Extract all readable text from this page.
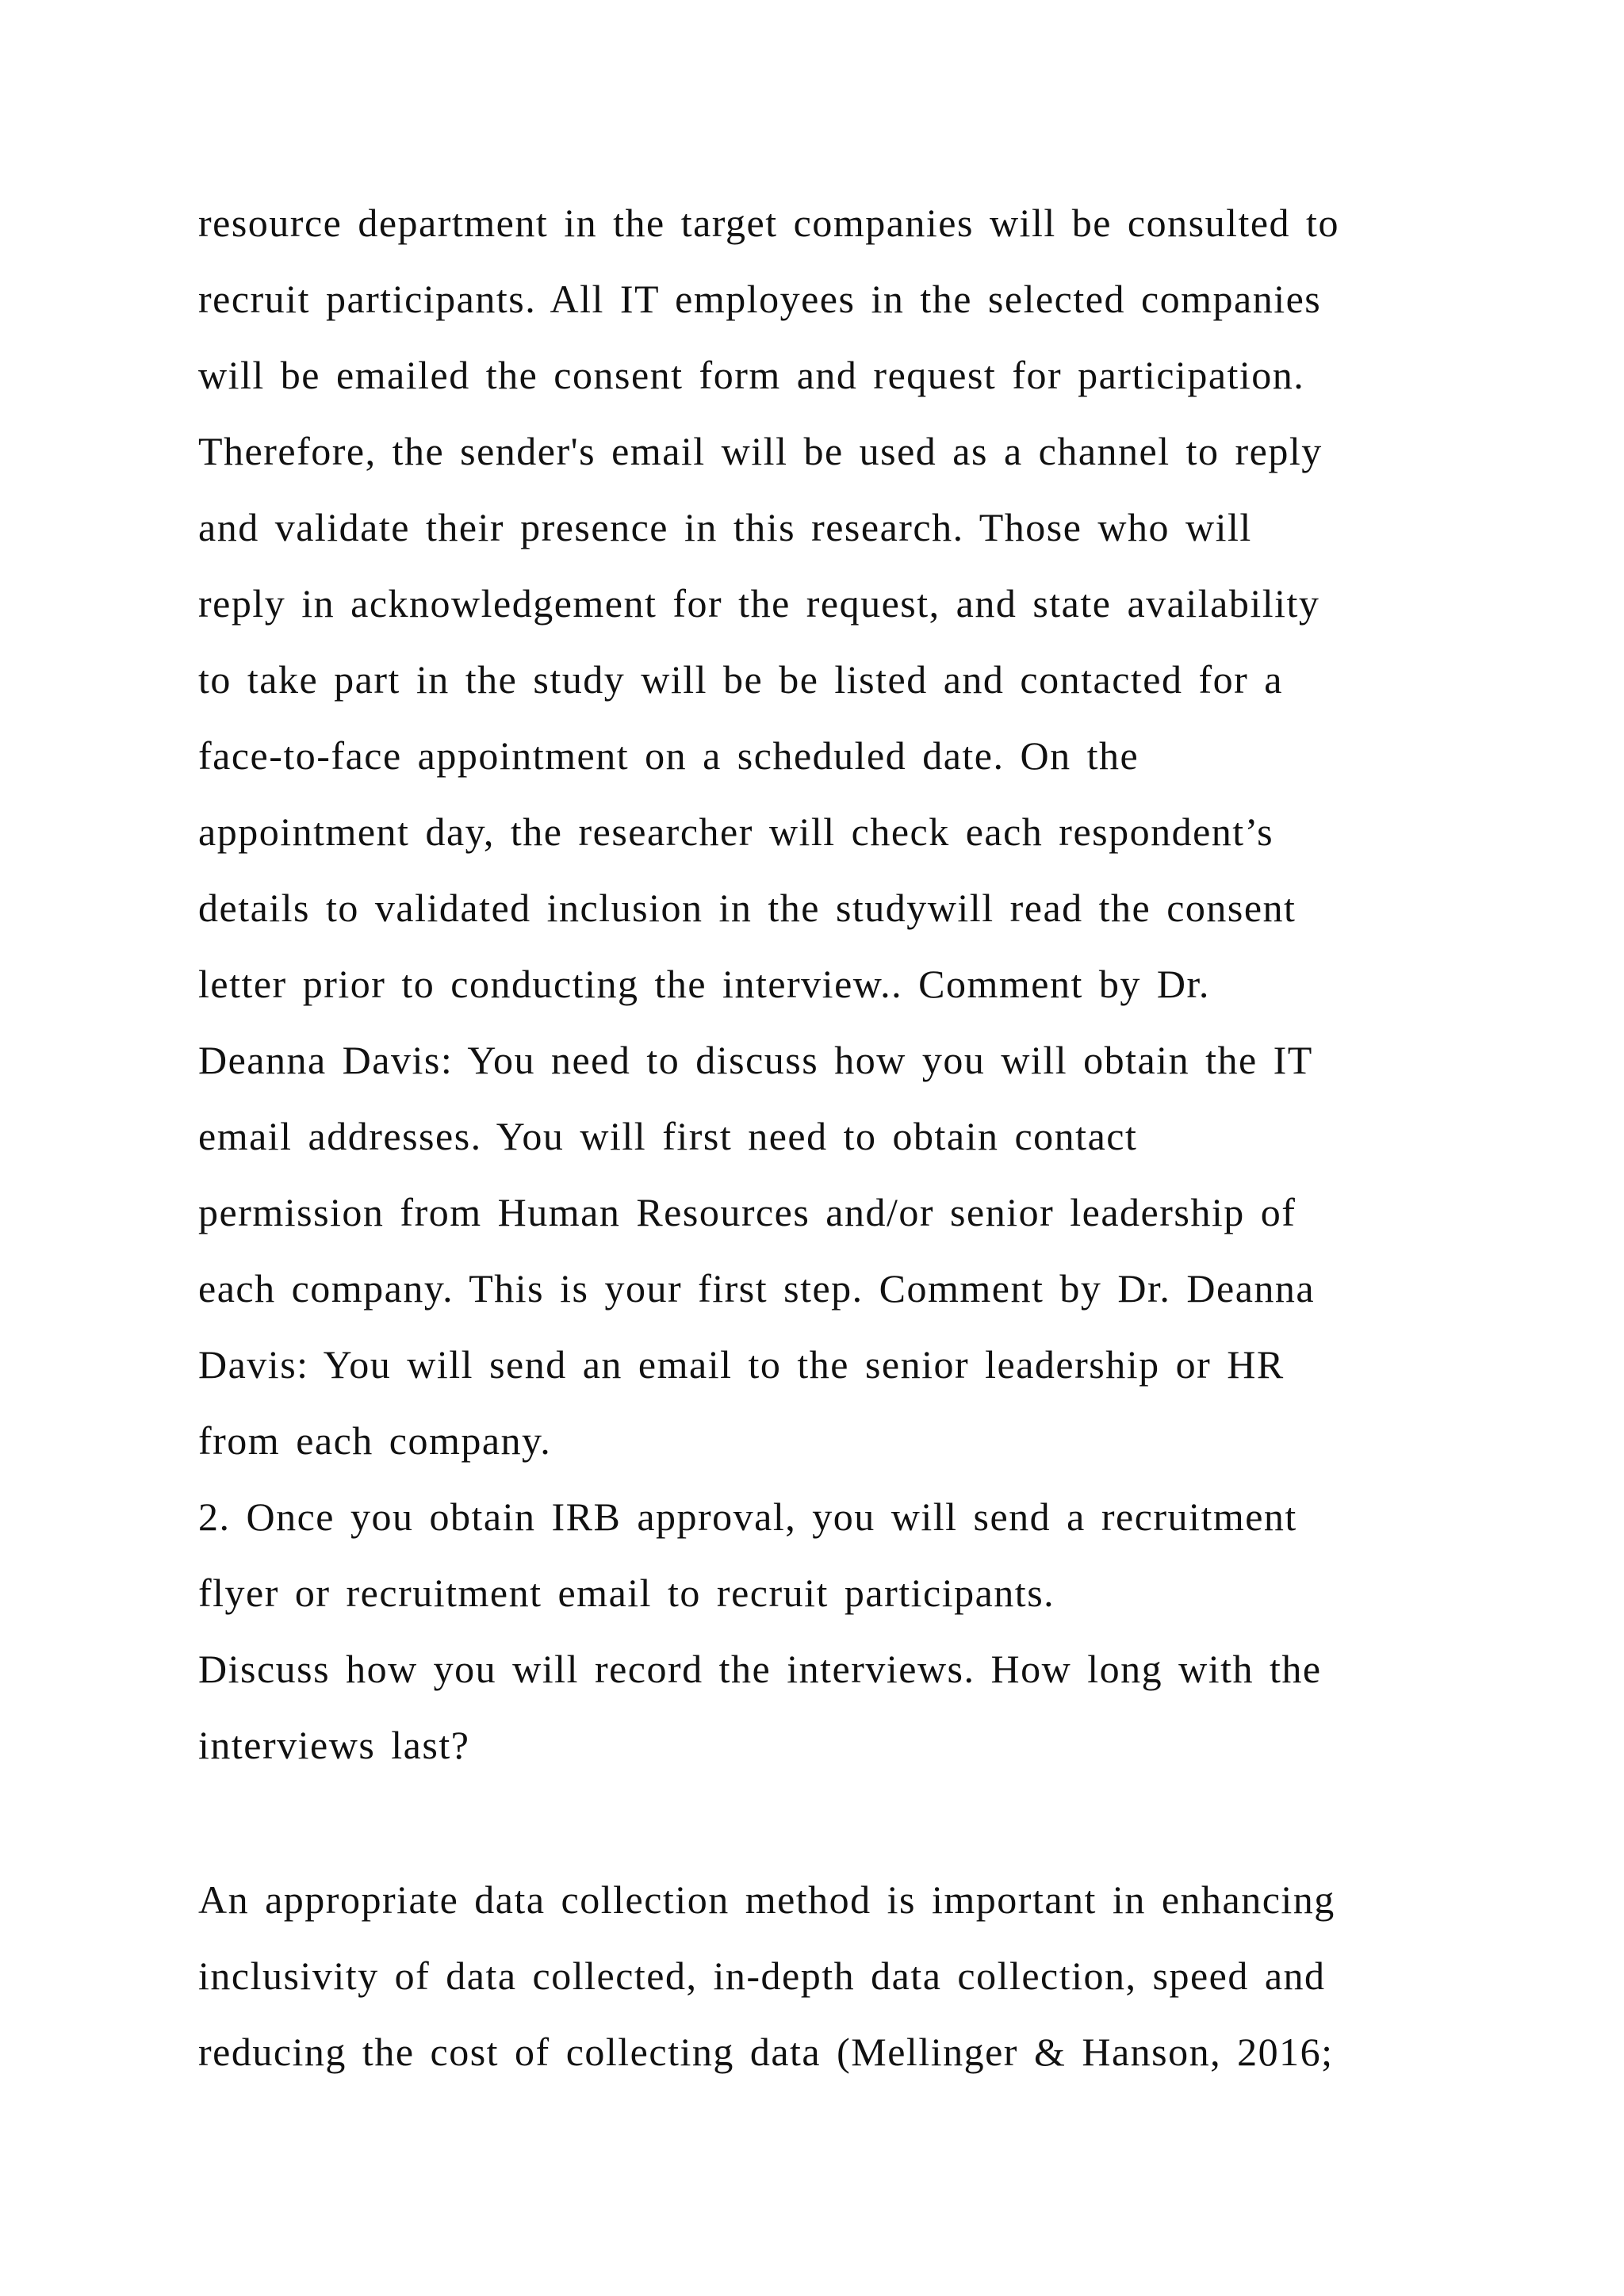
resource department in the target companies will be consulted to
recruit participants. All IT employees in the selected companies
will be emailed the consent form and request for participation.
Therefore, the sender's email will be used as a channel to reply
and validate their presence in this research. Those who will
reply in acknowledgement for the request, and state availability
to take part in the study will be be listed and contacted for a
face-to-face appointment on a scheduled date. On the
appointment day, the researcher will check each respondent’s
details to validated inclusion in the studywill read the consent
letter prior to conducting the interview.. Comment by Dr.
Deanna Davis: You need to discuss how you will obtain the IT
email addresses. You will first need to obtain contact
permission from Human Resources and/or senior leadership of
each company. This is your first step. Comment by Dr. Deanna
Davis: You will send an email to the senior leadership or HR
from each company.
2. Once you obtain IRB approval, you will send a recruitment
flyer or recruitment email to recruit participants.
Discuss how you will record the interviews. How long with the
interviews last?
An appropriate data collection method is important in enhancing
inclusivity of data collected, in-depth data collection, speed and
reducing the cost of collecting data (Mellinger & Hanson, 2016;
